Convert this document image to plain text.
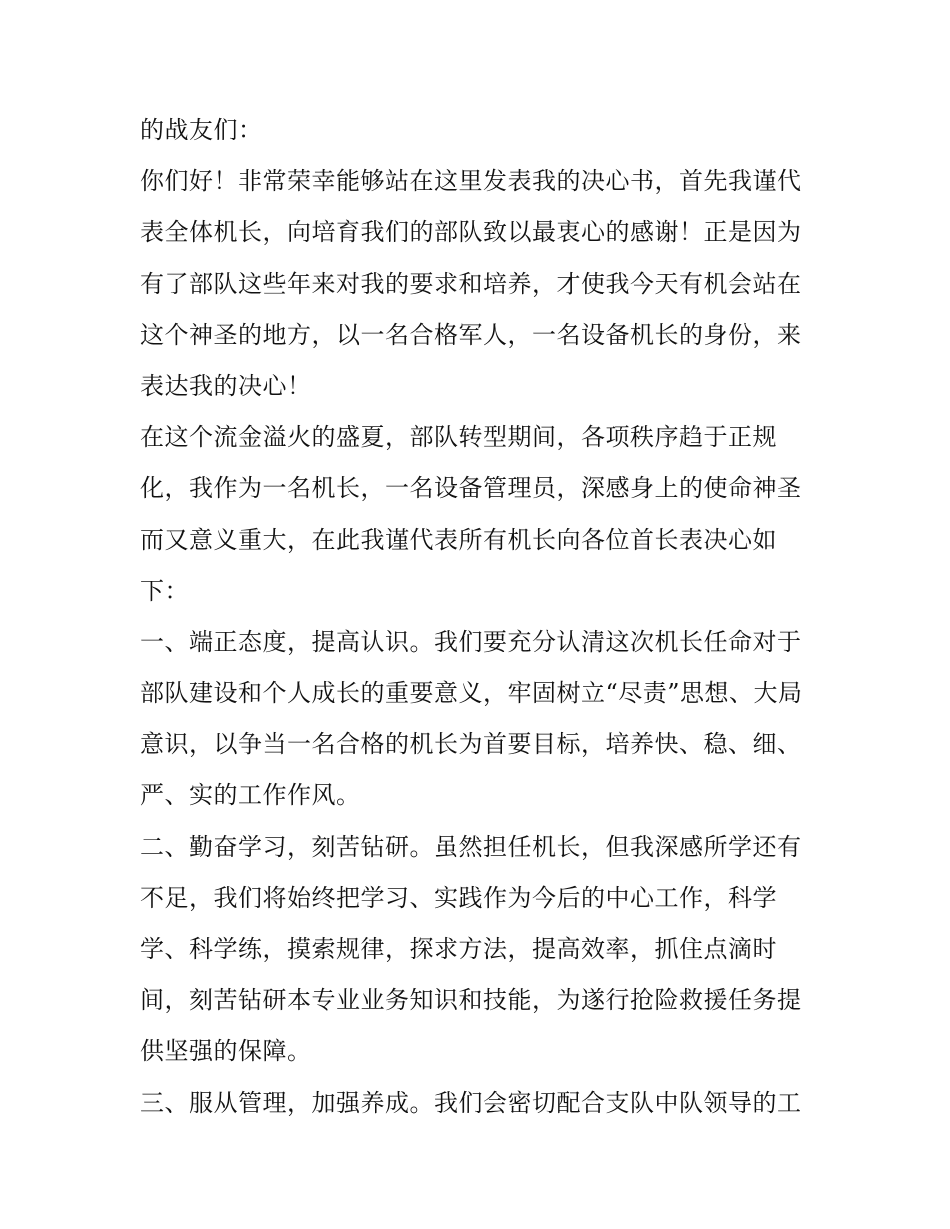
的战友们：
你们好！非常荣幸能够站在这里发表我的决心书，首先我谨代
表全体机长，向培育我们的部队致以最衷心的感谢！正是因为
有了部队这些年来对我的要求和培养，才使我今天有机会站在
这个神圣的地方，以一名合格军人，一名设备机长的身份，来
表达我的决心！
在这个流金溢火的盛夏，部队转型期间，各项秩序趋于正规
化，我作为一名机长，一名设备管理员，深感身上的使命神圣
而又意义重大，在此我谨代表所有机长向各位首长表决心如
下：
一、端正态度，提高认识。我们要充分认清这次机长任命对于
部队建设和个人成长的重要意义，牢固树立“尽责”思想、大局
意识，以争当一名合格的机长为首要目标，培养快、稳、细、
严、实的工作作风。
二、勤奋学习，刻苦钻研。虽然担任机长，但我深感所学还有
不足，我们将始终把学习、实践作为今后的中心工作，科学
学、科学练，摸索规律，探求方法，提高效率，抓住点滴时
间，刻苦钻研本专业业务知识和技能，为遂行抢险救援任务提
供坚强的保障。
三、服从管理，加强养成。我们会密切配合支队中队领导的工
